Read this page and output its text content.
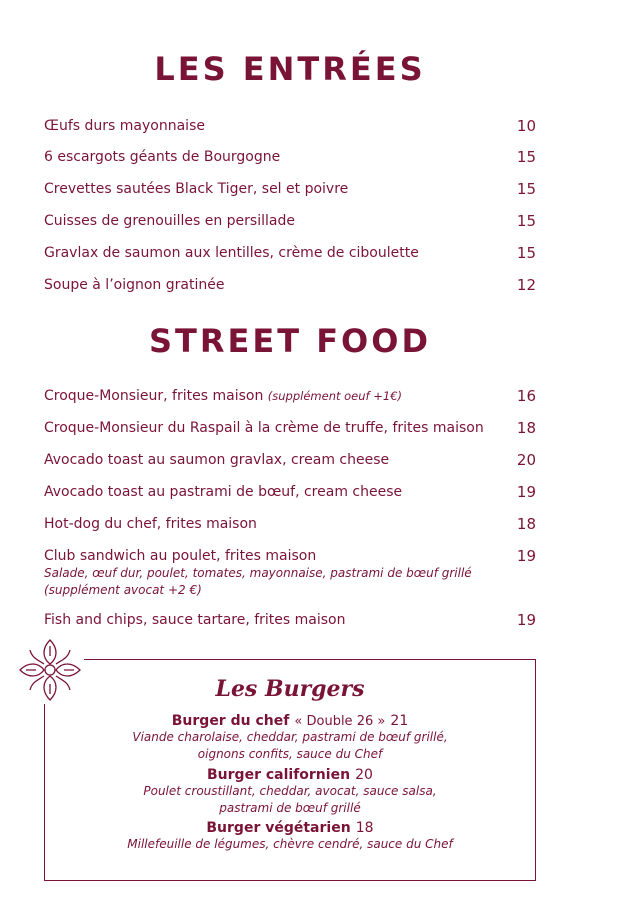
LES ENTRÉES
Œufs durs mayonnaise	10
6 escargots géants de Bourgogne	15
Crevettes sautées Black Tiger, sel et poivre	15
Cuisses de grenouilles en persillade	15
Gravlax de saumon aux lentilles, crème de ciboulette	15
Soupe à l’oignon gratinée	12
STREET FOOD
Croque-Monsieur, frites maison (supplément oeuf +1€)	16
Croque-Monsieur du Raspail à la crème de truffe, frites maison 18
Avocado toast au saumon gravlax, cream cheese	20
Avocado toast au pastrami de bœuf, cream cheese	19
Hot-dog du chef, frites maison	18
Club sandwich au poulet, frites maison	19
Salade, œuf dur, poulet, tomates, mayonnaise, pastrami de bœuf grillé (supplément avocat +2 €)
Fish and chips, sauce tartare, frites maison	19
Les Burgers
Burger du chef « Double 26 » 21
Viande charolaise, cheddar, pastrami de bœuf grillé, oignons confits, sauce du Chef
Burger californien 20
Poulet croustillant, cheddar, avocat, sauce salsa, pastrami de bœuf grillé
Burger végétarien 18
Millefeuille de légumes, chèvre cendré, sauce du Chef
